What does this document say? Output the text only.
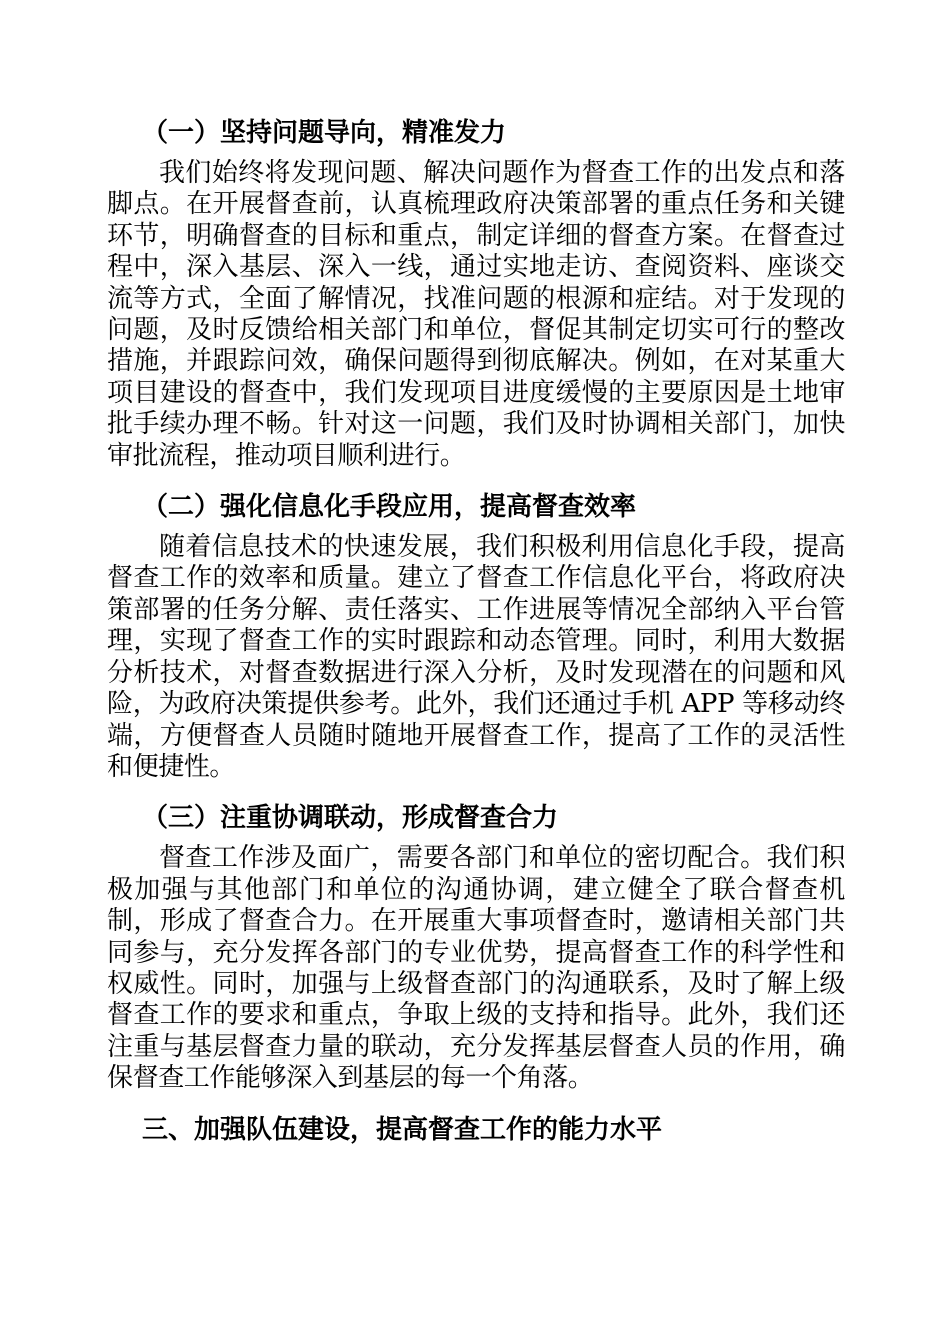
（一）坚持问题导向，精准发力

我们始终将发现问题、解决问题作为督查工作的出发点和落脚点。在开展督查前，认真梳理政府决策部署的重点任务和关键环节，明确督查的目标和重点，制定详细的督查方案。在督查过程中，深入基层、深入一线，通过实地走访、查阅资料、座谈交流等方式，全面了解情况，找准问题的根源和症结。对于发现的问题，及时反馈给相关部门和单位，督促其制定切实可行的整改措施，并跟踪问效，确保问题得到彻底解决。例如，在对某重大项目建设的督查中，我们发现项目进度缓慢的主要原因是土地审批手续办理不畅。针对这一问题，我们及时协调相关部门，加快审批流程，推动项目顺利进行。

（二）强化信息化手段应用，提高督查效率

随着信息技术的快速发展，我们积极利用信息化手段，提高督查工作的效率和质量。建立了督查工作信息化平台，将政府决策部署的任务分解、责任落实、工作进展等情况全部纳入平台管理，实现了督查工作的实时跟踪和动态管理。同时，利用大数据分析技术，对督查数据进行深入分析，及时发现潜在的问题和风险，为政府决策提供参考。此外，我们还通过手机 APP 等移动终端，方便督查人员随时随地开展督查工作，提高了工作的灵活性和便捷性。

（三）注重协调联动，形成督查合力

督查工作涉及面广，需要各部门和单位的密切配合。我们积极加强与其他部门和单位的沟通协调，建立健全了联合督查机制，形成了督查合力。在开展重大事项督查时，邀请相关部门共同参与，充分发挥各部门的专业优势，提高督查工作的科学性和权威性。同时，加强与上级督查部门的沟通联系，及时了解上级督查工作的要求和重点，争取上级的支持和指导。此外，我们还注重与基层督查力量的联动，充分发挥基层督查人员的作用，确保督查工作能够深入到基层的每一个角落。

三、加强队伍建设，提高督查工作的能力水平
